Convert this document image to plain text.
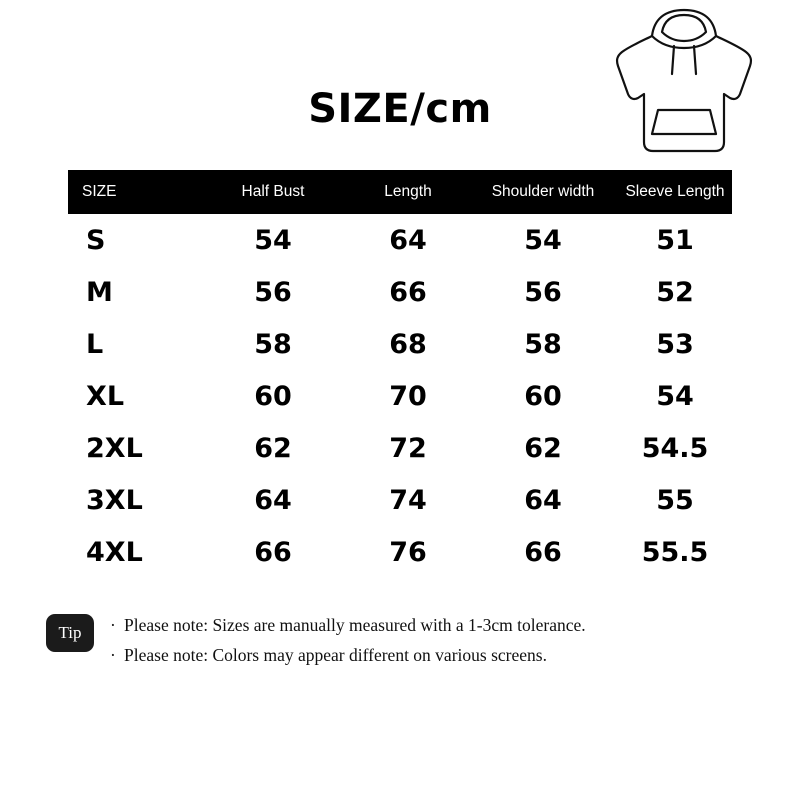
SIZE/cm
SIZE	Half Bust	Length	Shoulder width	Sleeve Length
S	54	64	54	51
M	56	66	56	52
L	58	68	58	53
XL	60	70	60	54
2XL	62	72	62	54.5
3XL	64	74	64	55
4XL	66	76	66	55.5
Tip	· Please note: Sizes are manually measured with a 1-3cm tolerance.
· Please note: Colors may appear different on various screens.
